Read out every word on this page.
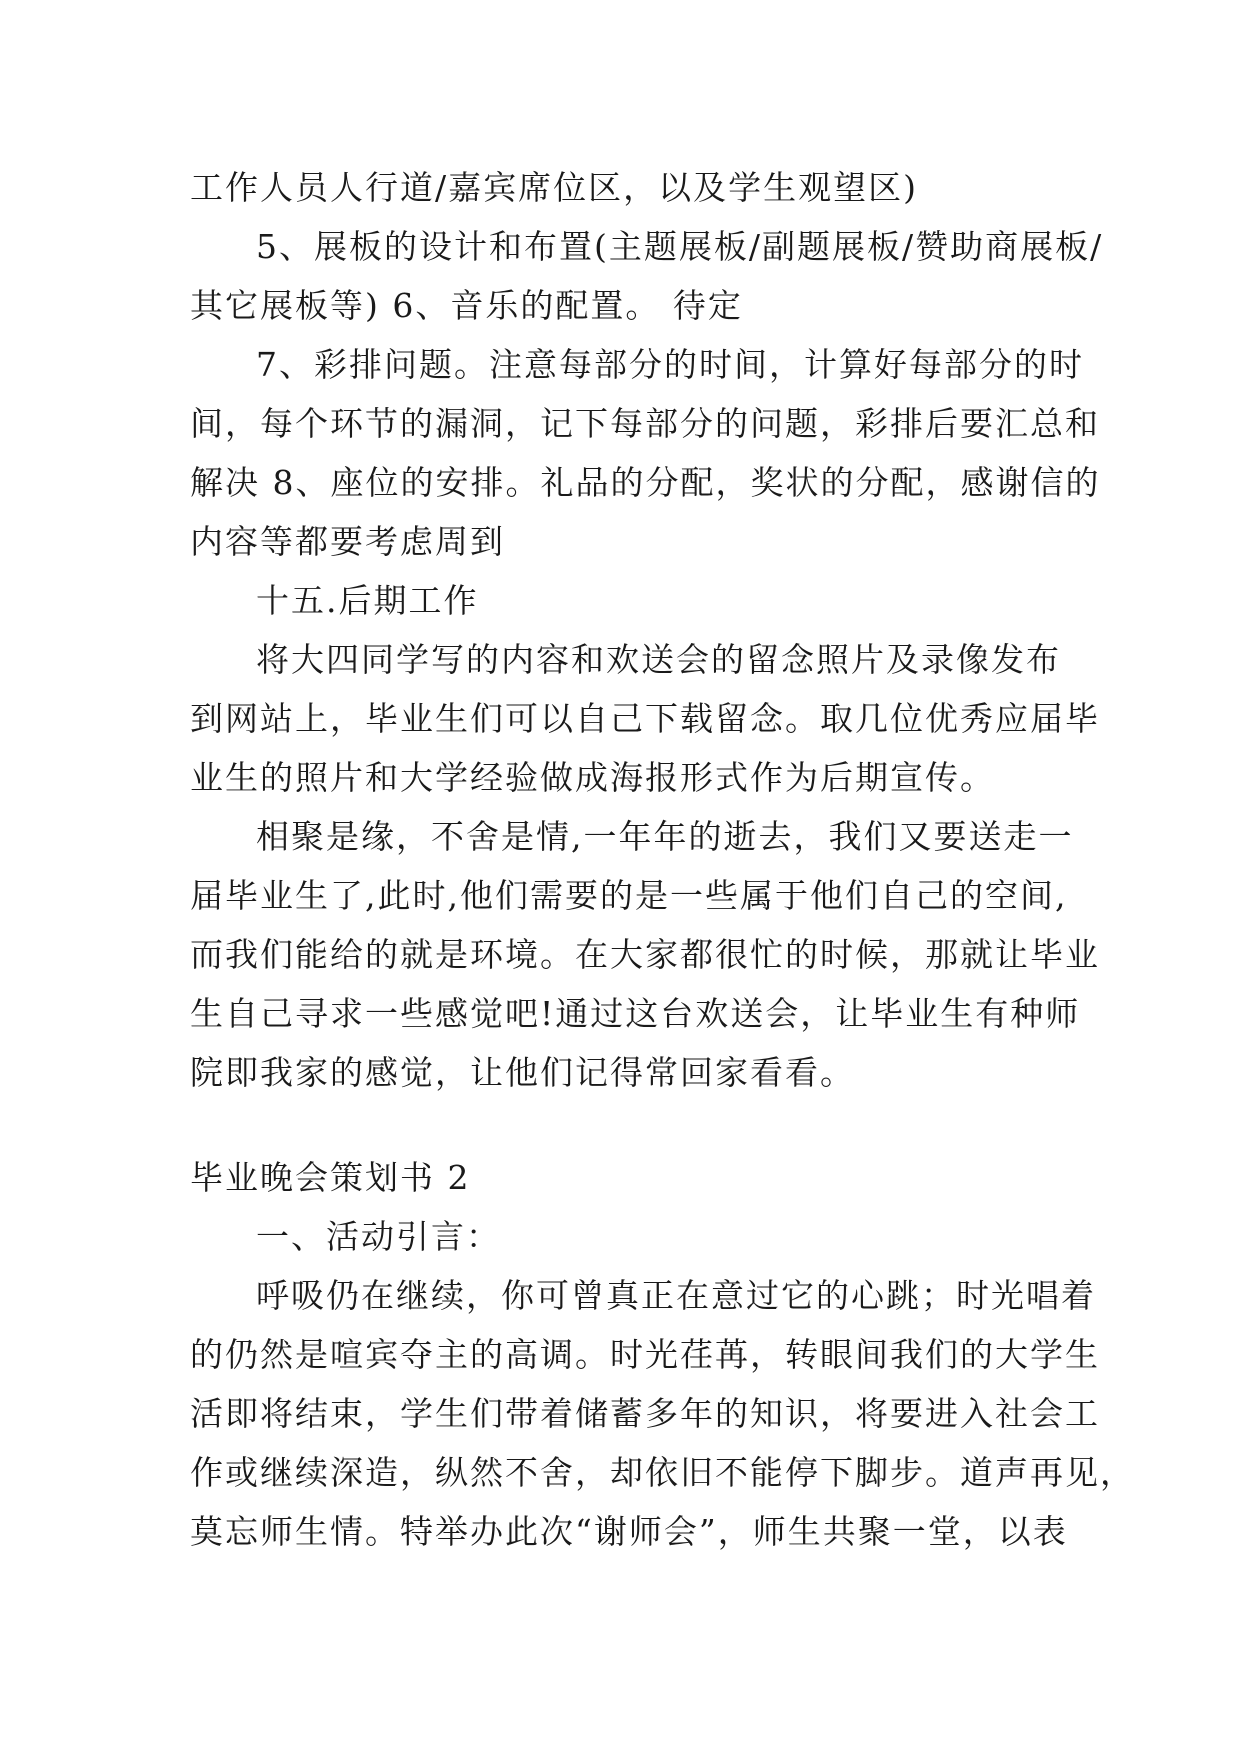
工作人员人行道/嘉宾席位区，以及学生观望区)
5、展板的设计和布置(主题展板/副题展板/赞助商展板/
其它展板等) 6、音乐的配置。 待定
7、彩排问题。注意每部分的时间，计算好每部分的时
间，每个环节的漏洞，记下每部分的问题，彩排后要汇总和
解决 8、座位的安排。礼品的分配，奖状的分配，感谢信的
内容等都要考虑周到
十五.后期工作
将大四同学写的内容和欢送会的留念照片及录像发布
到网站上，毕业生们可以自己下载留念。取几位优秀应届毕
业生的照片和大学经验做成海报形式作为后期宣传。
相聚是缘，不舍是情,一年年的逝去，我们又要送走一
届毕业生了,此时,他们需要的是一些属于他们自己的空间,
而我们能给的就是环境。在大家都很忙的时候，那就让毕业
生自己寻求一些感觉吧!通过这台欢送会，让毕业生有种师
院即我家的感觉，让他们记得常回家看看。
毕业晚会策划书 2
一、活动引言：
呼吸仍在继续，你可曾真正在意过它的心跳；时光唱着
的仍然是喧宾夺主的高调。时光荏苒，转眼间我们的大学生
活即将结束，学生们带着储蓄多年的知识，将要进入社会工
作或继续深造，纵然不舍，却依旧不能停下脚步。道声再见，
莫忘师生情。特举办此次“谢师会”，师生共聚一堂，以表
